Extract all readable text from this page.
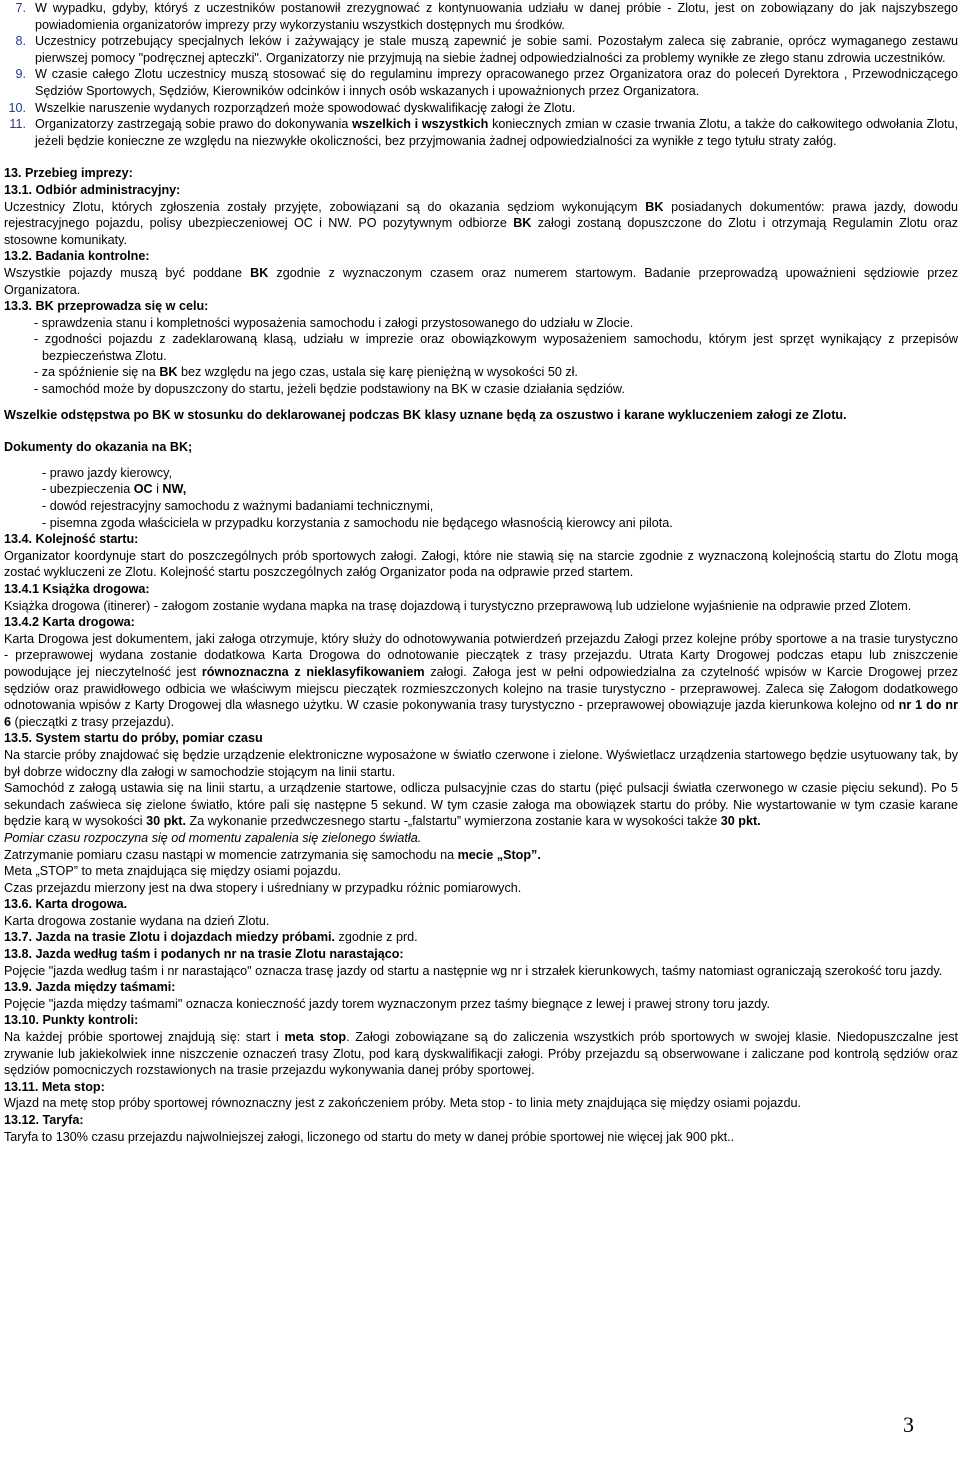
7. W wypadku, gdyby, któryś z uczestników postanowił zrezygnować z kontynuowania udziału w danej próbie - Zlotu, jest on zobowiązany do jak najszybszego powiadomienia organizatorów imprezy przy wykorzystaniu wszystkich dostępnych mu środków.
8. Uczestnicy potrzebujący specjalnych leków i zażywający je stale muszą zapewnić je sobie sami. Pozostałym zaleca się zabranie, oprócz wymaganego zestawu pierwszej pomocy "podręcznej apteczki". Organizatorzy nie przyjmują na siebie żadnej odpowiedzialności za problemy wynikłe ze złego stanu zdrowia uczestników.
9. W czasie całego Zlotu uczestnicy muszą stosować się do regulaminu imprezy opracowanego przez Organizatora oraz do poleceń Dyrektora , Przewodniczącego Sędziów Sportowych, Sędziów, Kierowników odcinków i innych osób wskazanych i upoważnionych przez Organizatora.
10. Wszelkie naruszenie wydanych rozporządzeń może spowodować dyskwalifikację załogi że Zlotu.
11. Organizatorzy zastrzegają sobie prawo do dokonywania wszelkich i wszystkich koniecznych zmian w czasie trwania Zlotu, a także do całkowitego odwołania Zlotu, jeżeli będzie konieczne ze względu na niezwykłe okoliczności, bez przyjmowania żadnej odpowiedzialności za wynikłe z tego tytułu straty załóg.

13. Przebieg imprezy:

13.1. Odbiór administracyjny:

Uczestnicy Zlotu, których zgłoszenia zostały przyjęte, zobowiązani są do okazania sędziom wykonującym BK posiadanych dokumentów: prawa jazdy, dowodu rejestracyjnego pojazdu, polisy ubezpieczeniowej OC i NW. PO pozytywnym odbiorze BK załogi zostaną dopuszczone do Zlotu i otrzymają Regulamin Zlotu oraz stosowne komunikaty.

13.2. Badania kontrolne:

Wszystkie pojazdy muszą być poddane BK zgodnie z wyznaczonym czasem oraz numerem startowym. Badanie przeprowadzą upoważnieni sędziowie przez Organizatora.

13.3. BK przeprowadza się w celu:

- sprawdzenia stanu i kompletności wyposażenia samochodu i załogi przystosowanego do udziału w Zlocie.

- zgodności pojazdu z zadeklarowaną klasą, udziału w imprezie oraz obowiązkowym wyposażeniem samochodu, którym jest sprzęt wynikający z przepisów bezpieczeństwa Zlotu.

- za spóźnienie się na BK bez względu na jego czas, ustala się karę pieniężną w wysokości 50 zł.

- samochód może by dopuszczony do startu, jeżeli będzie podstawiony na BK w czasie działania sędziów.

Wszelkie odstępstwa po BK w stosunku do deklarowanej podczas BK klasy uznane będą za oszustwo i karane wykluczeniem załogi ze Zlotu.

Dokumenty do okazania na BK;

- prawo jazdy kierowcy,

- ubezpieczenia OC i NW,

- dowód rejestracyjny samochodu z ważnymi badaniami technicznymi,

- pisemna zgoda właściciela w przypadku korzystania z samochodu nie będącego własnością kierowcy ani pilota.

13.4. Kolejność startu:

Organizator koordynuje start do poszczególnych prób sportowych załogi. Załogi, które nie stawią się na starcie zgodnie z wyznaczoną kolejnością startu do Zlotu mogą zostać wykluczeni ze Zlotu. Kolejność startu poszczególnych załóg Organizator poda na odprawie przed startem.

13.4.1 Książka drogowa:

Książka drogowa (itinerer) - załogom zostanie wydana mapka na trasę dojazdową i turystyczno przeprawową lub udzielone wyjaśnienie na odprawie przed Zlotem.

13.4.2 Karta drogowa:

Karta Drogowa jest dokumentem, jaki załoga otrzymuje, który służy do odnotowywania potwierdzeń przejazdu Załogi przez kolejne próby sportowe a na trasie turystyczno - przeprawowej wydana zostanie dodatkowa Karta Drogowa do odnotowanie pieczątek z trasy przejazdu. Utrata Karty Drogowej podczas etapu lub zniszczenie powodujące jej nieczytelność jest równoznaczna z nieklasyfikowaniem załogi. Załoga jest w pełni odpowiedzialna za czytelność wpisów w Karcie Drogowej przez sędziów oraz prawidłowego odbicia we właściwym miejscu pieczątek rozmieszczonych kolejno na trasie turystyczno - przeprawowej. Zaleca się Załogom dodatkowego odnotowania wpisów z Karty Drogowej dla własnego użytku. W czasie pokonywania trasy turystyczno - przeprawowej obowiązuje jazda kierunkowa kolejno od nr 1 do nr 6 (pieczątki z trasy przejazdu).

13.5. System startu do próby, pomiar czasu

Na starcie próby znajdować się będzie urządzenie elektroniczne wyposażone w światło czerwone i zielone. Wyświetlacz urządzenia startowego będzie usytuowany tak, by był dobrze widoczny dla załogi w samochodzie stojącym na linii startu.

Samochód z załogą ustawia się na linii startu, a urządzenie startowe, odlicza pulsacyjnie czas do startu (pięć pulsacji światła czerwonego w czasie pięciu sekund). Po 5 sekundach zaświeca się zielone światło, które pali się następne 5 sekund. W tym czasie załoga ma obowiązek startu do próby. Nie wystartowanie w tym czasie karane będzie karą w wysokości 30 pkt. Za wykonanie przedwczesnego startu -„falstartu” wymierzona zostanie kara w wysokości także 30 pkt.

Pomiar czasu rozpoczyna się od momentu zapalenia się zielonego światła.

Zatrzymanie pomiaru czasu nastąpi w momencie zatrzymania się samochodu na mecie „Stop”.

Meta „STOP” to meta znajdująca się między osiami pojazdu.

Czas przejazdu mierzony jest na dwa stopery i uśredniany w przypadku różnic pomiarowych.

13.6. Karta drogowa.

Karta drogowa zostanie wydana na dzień Zlotu.

13.7. Jazda na trasie Zlotu i dojazdach miedzy próbami. zgodnie z prd.

13.8. Jazda według taśm i podanych nr na trasie Zlotu narastająco:

Pojęcie "jazda według taśm i nr narastająco" oznacza trasę jazdy od startu a następnie wg nr i strzałek kierunkowych, taśmy natomiast ograniczają szerokość toru jazdy.

13.9. Jazda między taśmami:

Pojęcie "jazda między taśmami" oznacza konieczność jazdy torem wyznaczonym przez taśmy biegnące z lewej i prawej strony toru jazdy.

13.10. Punkty kontroli:

Na każdej próbie sportowej znajdują się: start i meta stop. Załogi zobowiązane są do zaliczenia wszystkich prób sportowych w swojej klasie. Niedopuszczalne jest zrywanie lub jakiekolwiek inne niszczenie oznaczeń trasy Zlotu, pod karą dyskwalifikacji załogi. Próby przejazdu są obserwowane i zaliczane pod kontrolą sędziów oraz sędziów pomocniczych rozstawionych na trasie przejazdu wykonywania danej próby sportowej.

13.11. Meta stop:

Wjazd na metę stop próby sportowej równoznaczny jest z zakończeniem próby. Meta stop - to linia mety znajdująca się między osiami pojazdu.

13.12. Taryfa:

Taryfa to 130% czasu przejazdu najwolniejszej załogi, liczonego od startu do mety w danej próbie sportowej nie więcej jak 900 pkt..

3
